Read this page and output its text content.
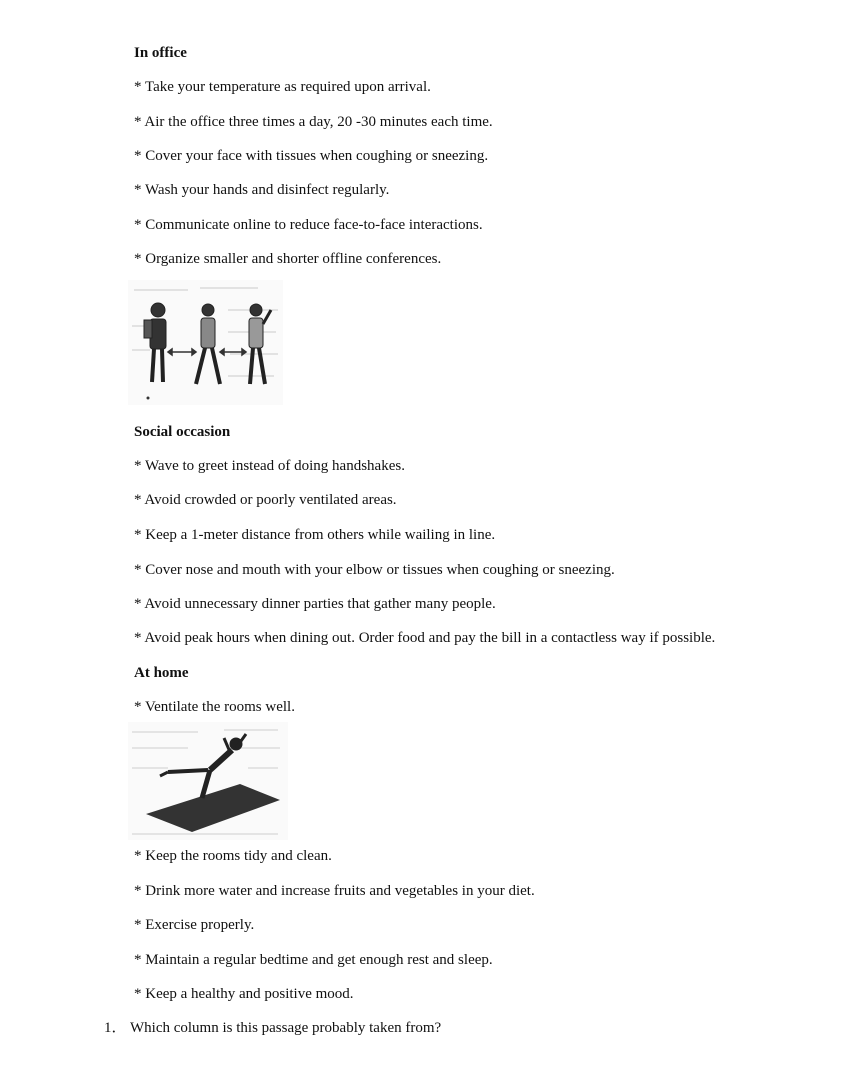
In office
* Take your temperature as required upon arrival.
* Air the office three times a day, 20 -30 minutes each time.
* Cover your face with tissues when coughing or sneezing.
* Wash your hands and disinfect regularly.
* Communicate online to reduce face-to-face interactions.
* Organize smaller and shorter offline conferences.
Social occasion
* Wave to greet instead of doing handshakes.
* Avoid crowded or poorly ventilated areas.
* Keep a 1-meter distance from others while wailing in line.
* Cover nose and mouth with your elbow or tissues when coughing or sneezing.
* Avoid unnecessary dinner parties that gather many people.
* Avoid peak hours when dining out. Order food and pay the bill in a contactless way if possible.
At home
* Ventilate the rooms well.
* Keep the rooms tidy and clean.
* Drink more water and increase fruits and vegetables in your diet.
* Exercise properly.
* Maintain a regular bedtime and get enough rest and sleep.
* Keep a healthy and positive mood.
1． Which column is this passage probably taken from?
